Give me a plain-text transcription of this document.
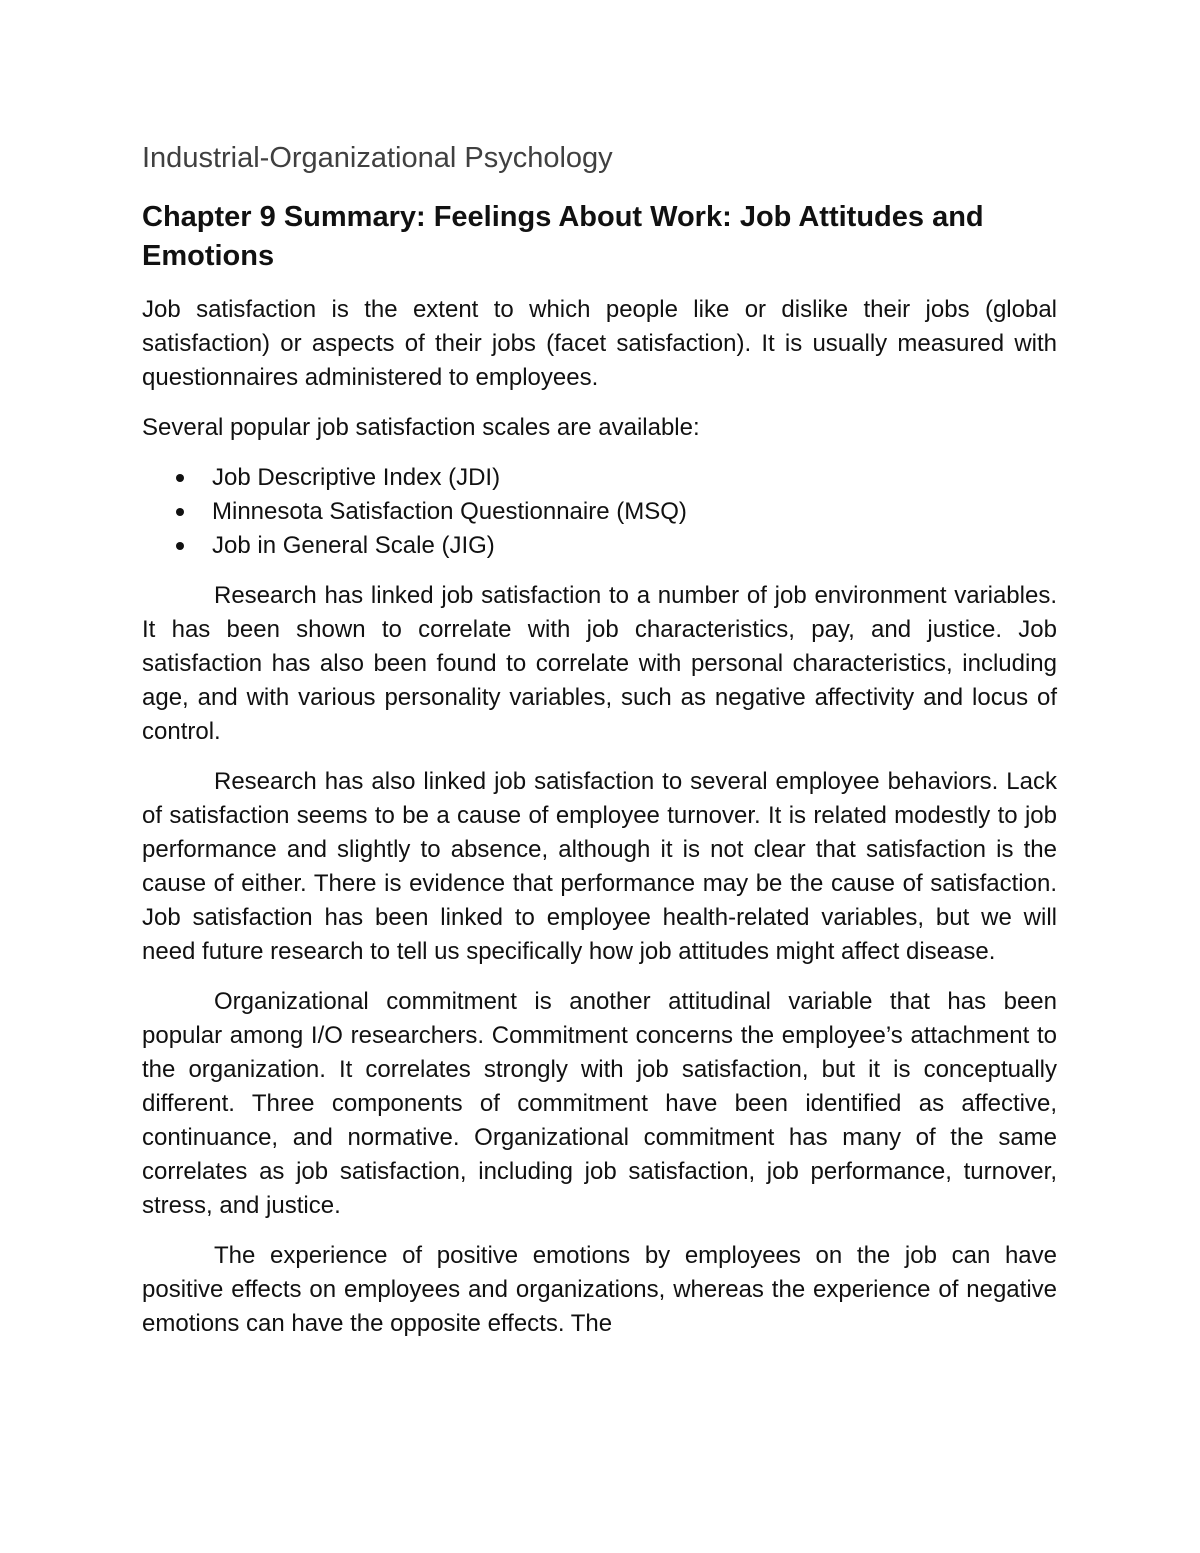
Industrial-Organizational Psychology
Chapter 9 Summary: Feelings About Work: Job Attitudes and Emotions

Job satisfaction is the extent to which people like or dislike their jobs (global satisfaction) or aspects of their jobs (facet satisfaction). It is usually measured with questionnaires administered to employees.

Several popular job satisfaction scales are available:

Job Descriptive Index (JDI)
Minnesota Satisfaction Questionnaire (MSQ)
Job in General Scale (JIG)

Research has linked job satisfaction to a number of job environment variables. It has been shown to correlate with job characteristics, pay, and justice. Job satisfaction has also been found to correlate with personal characteristics, including age, and with various personality variables, such as negative affectivity and locus of control.

Research has also linked job satisfaction to several employee behaviors. Lack of satisfaction seems to be a cause of employee turnover. It is related modestly to job performance and slightly to absence, although it is not clear that satisfaction is the cause of either. There is evidence that performance may be the cause of satisfaction. Job satisfaction has been linked to employee health-related variables, but we will need future research to tell us specifically how job attitudes might affect disease.

Organizational commitment is another attitudinal variable that has been popular among I/O researchers. Commitment concerns the employee’s attachment to the organization. It correlates strongly with job satisfaction, but it is conceptually different. Three components of commitment have been identified as affective, continuance, and normative. Organizational commitment has many of the same correlates as job satisfaction, including job satisfaction, job performance, turnover, stress, and justice.

The experience of positive emotions by employees on the job can have positive effects on employees and organizations, whereas the experience of negative emotions can have the opposite effects. The
